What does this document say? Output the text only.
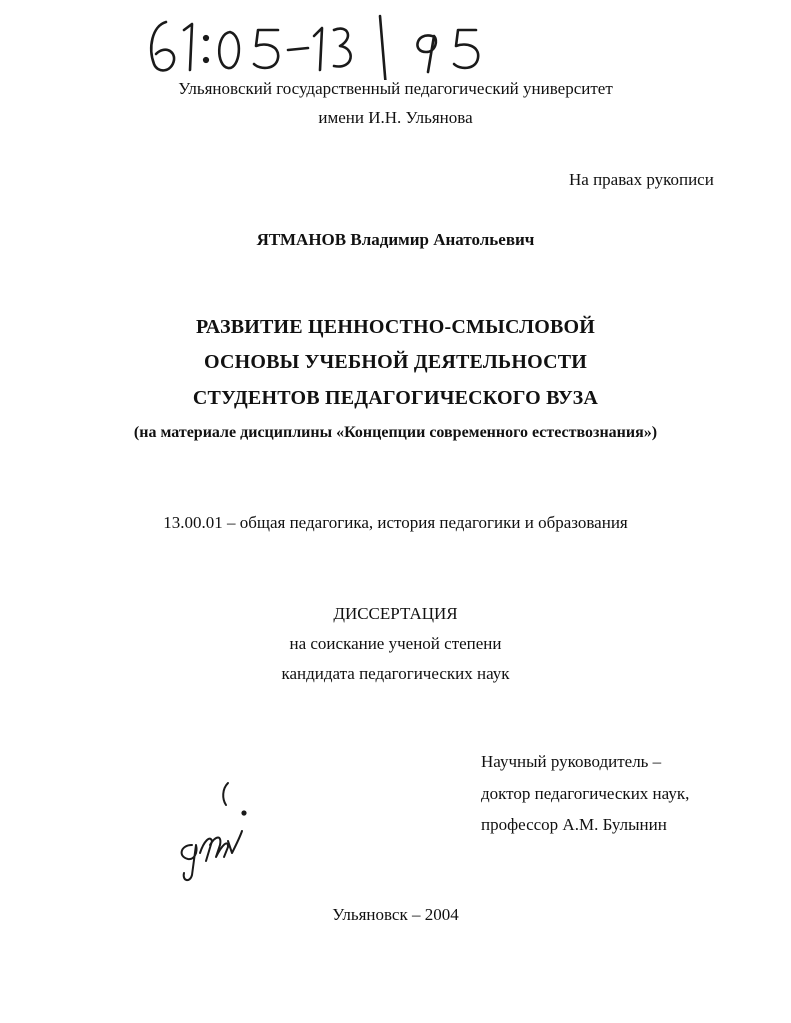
Ульяновский государственный педагогический университет
имени И.Н. Ульянова
На правах рукописи
ЯТМАНОВ Владимир Анатольевич
РАЗВИТИЕ ЦЕННОСТНО-СМЫСЛОВОЙ
ОСНОВЫ УЧЕБНОЙ ДЕЯТЕЛЬНОСТИ
СТУДЕНТОВ ПЕДАГОГИЧЕСКОГО ВУЗА
(на материале дисциплины «Концепции современного естествознания»)
13.00.01 – общая педагогика, история педагогики и образования
ДИССЕРТАЦИЯ
на соискание ученой степени
кандидата педагогических наук
Научный руководитель –
доктор педагогических наук,
профессор А.М. Булынин
Ульяновск – 2004
